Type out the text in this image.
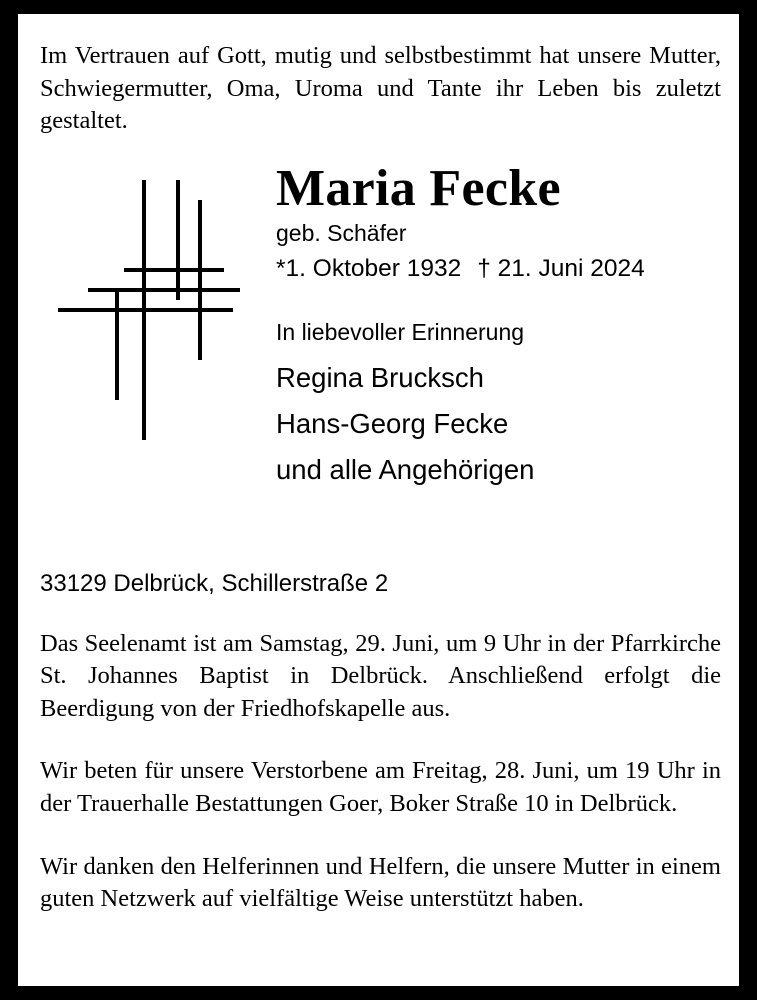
Im Vertrauen auf Gott, mutig und selbstbestimmt hat unsere Mutter, Schwiegermutter, Oma, Uroma und Tante ihr Leben bis zuletzt gestaltet.

Maria Fecke
geb. Schäfer
*1. Oktober 1932 † 21. Juni 2024
In liebevoller Erinnerung
Regina Brucksch
Hans-Georg Fecke
und alle Angehörigen
33129 Delbrück, Schillerstraße 2

Das Seelenamt ist am Samstag, 29. Juni, um 9 Uhr in der Pfarrkirche St. Johannes Baptist in Delbrück. Anschließend erfolgt die Beerdigung von der Friedhofskapelle aus.

Wir beten für unsere Verstorbene am Freitag, 28. Juni, um 19 Uhr in der Trauerhalle Bestattungen Goer, Boker Straße 10 in Delbrück.

Wir danken den Helferinnen und Helfern, die unsere Mutter in einem guten Netzwerk auf vielfältige Weise unterstützt haben.
